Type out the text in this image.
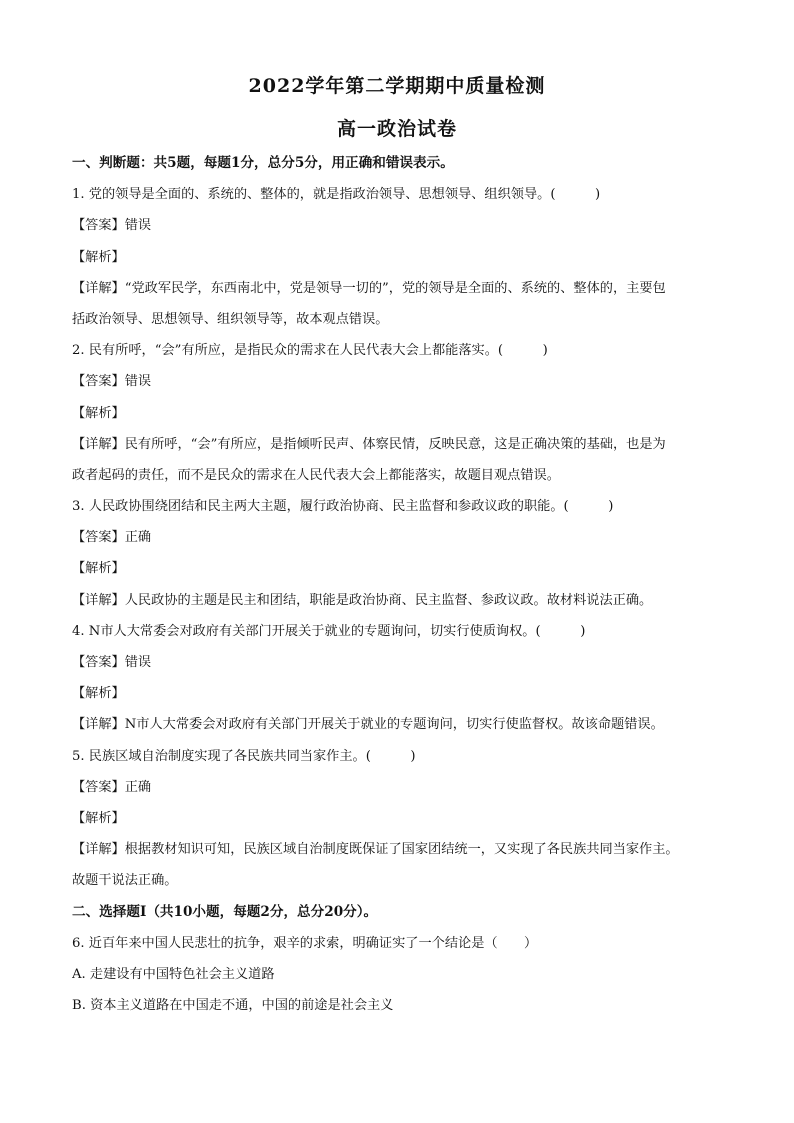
2022学年第二学期期中质量检测
高一政治试卷
一、判断题：共5题，每题1分，总分5分，用正确和错误表示。
1. 党的领导是全面的、系统的、整体的，就是指政治领导、思想领导、组织领导。(　　　)
【答案】错误
【解析】
【详解】“党政军民学，东西南北中，党是领导一切的”，党的领导是全面的、系统的、整体的，主要包
括政治领导、思想领导、组织领导等，故本观点错误。
2. 民有所呼，“会”有所应，是指民众的需求在人民代表大会上都能落实。(　　　)
【答案】错误
【解析】
【详解】民有所呼，“会”有所应，是指倾听民声、体察民情，反映民意，这是正确决策的基础，也是为
政者起码的责任，而不是民众的需求在人民代表大会上都能落实，故题目观点错误。
3. 人民政协围绕团结和民主两大主题，履行政治协商、民主监督和参政议政的职能。(　　　)
【答案】正确
【解析】
【详解】人民政协的主题是民主和团结，职能是政治协商、民主监督、参政议政。故材料说法正确。
4. N市人大常委会对政府有关部门开展关于就业的专题询问，切实行使质询权。(　　　)
【答案】错误
【解析】
【详解】N市人大常委会对政府有关部门开展关于就业的专题询问，切实行使监督权。故该命题错误。
5. 民族区域自治制度实现了各民族共同当家作主。(　　　)
【答案】正确
【解析】
【详解】根据教材知识可知，民族区域自治制度既保证了国家团结统一，又实现了各民族共同当家作主。
故题干说法正确。
二、选择题Ⅰ（共10小题，每题2分，总分20分）。
6. 近百年来中国人民悲壮的抗争，艰辛的求索，明确证实了一个结论是（　　）
A. 走建设有中国特色社会主义道路
B. 资本主义道路在中国走不通，中国的前途是社会主义
